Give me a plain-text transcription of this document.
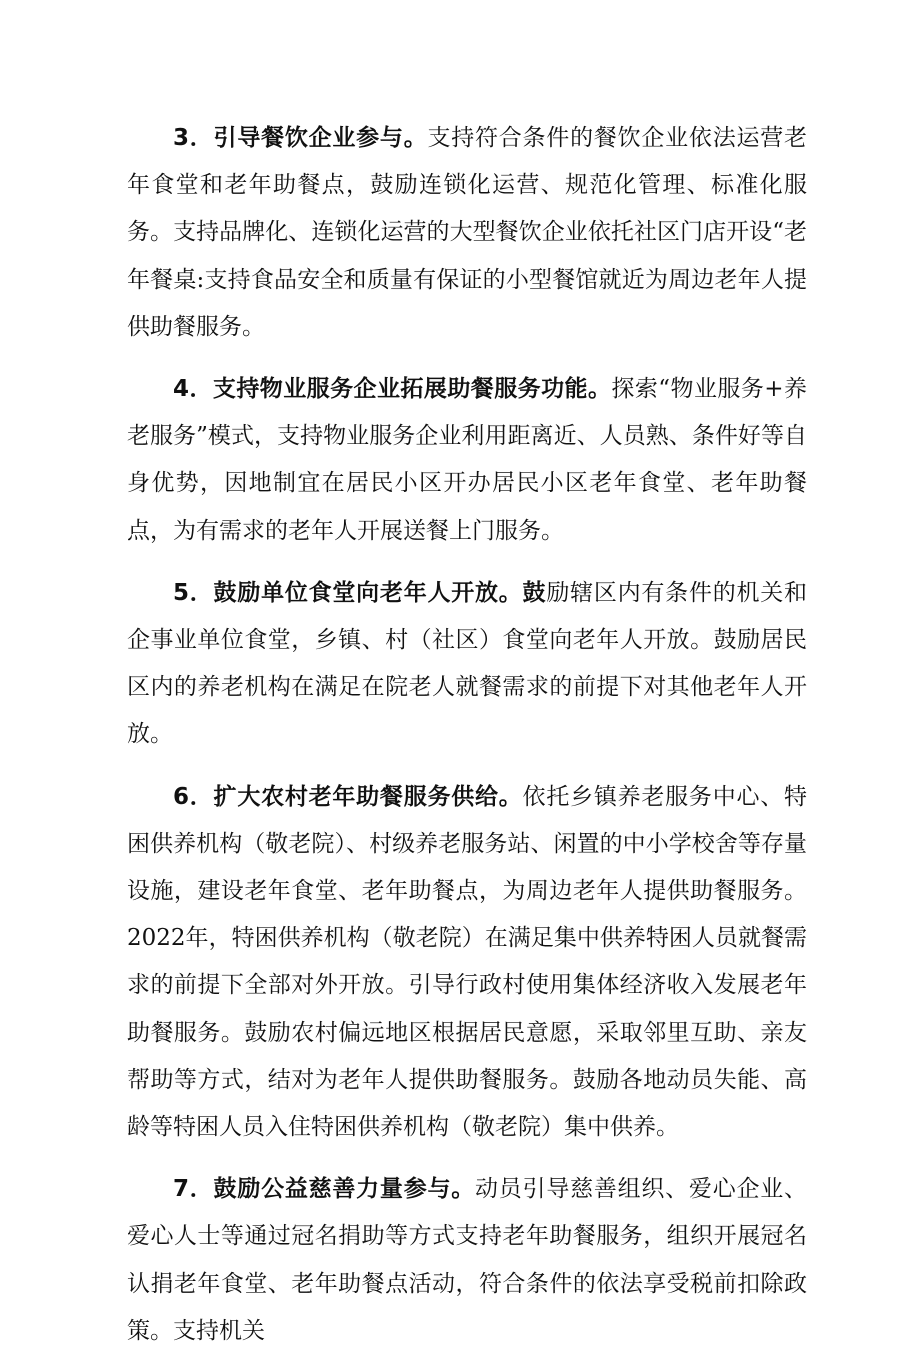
3．引导餐饮企业参与。支持符合条件的餐饮企业依法运营老年食堂和老年助餐点，鼓励连锁化运营、规范化管理、标准化服务。支持品牌化、连锁化运营的大型餐饮企业依托社区门店开设“老年餐桌:支持食品安全和质量有保证的小型餐馆就近为周边老年人提供助餐服务。

4．支持物业服务企业拓展助餐服务功能。探索“物业服务+养老服务”模式，支持物业服务企业利用距离近、人员熟、条件好等自身优势，因地制宜在居民小区开办居民小区老年食堂、老年助餐点，为有需求的老年人开展送餐上门服务。

5．鼓励单位食堂向老年人开放。鼓励辖区内有条件的机关和企事业单位食堂，乡镇、村（社区）食堂向老年人开放。鼓励居民区内的养老机构在满足在院老人就餐需求的前提下对其他老年人开放。

6．扩大农村老年助餐服务供给。依托乡镇养老服务中心、特困供养机构（敬老院）、村级养老服务站、闲置的中小学校舍等存量设施，建设老年食堂、老年助餐点，为周边老年人提供助餐服务。2022年，特困供养机构（敬老院）在满足集中供养特困人员就餐需求的前提下全部对外开放。引导行政村使用集体经济收入发展老年助餐服务。鼓励农村偏远地区根据居民意愿，采取邻里互助、亲友帮助等方式，结对为老年人提供助餐服务。鼓励各地动员失能、高龄等特困人员入住特困供养机构（敬老院）集中供养。

7．鼓励公益慈善力量参与。动员引导慈善组织、爱心企业、爱心人士等通过冠名捐助等方式支持老年助餐服务，组织开展冠名认捐老年食堂、老年助餐点活动，符合条件的依法享受税前扣除政策。支持机关
